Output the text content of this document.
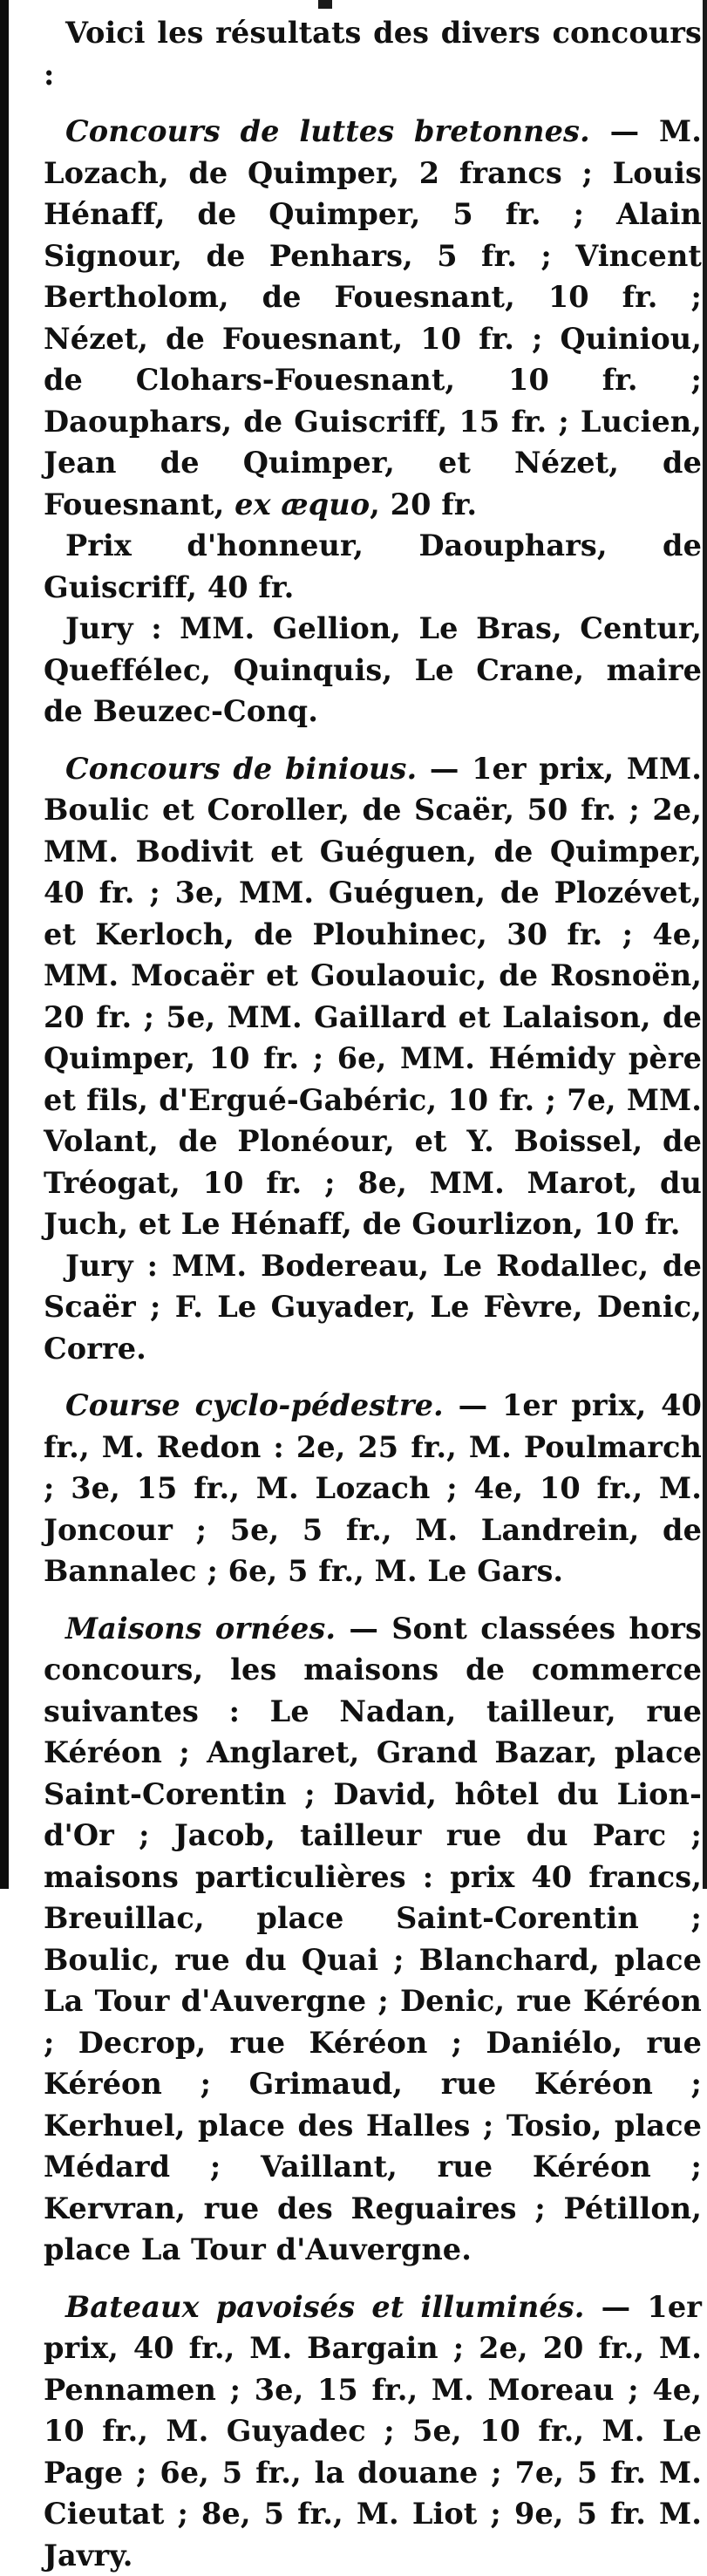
Voici les résultats des divers concours :

Concours de luttes bretonnes. — M. Lozach, de Quimper, 2 francs ; Louis Hénaff, de Quimper, 5 fr. ; Alain Signour, de Penhars, 5 fr. ; Vincent Bertholom, de Fouesnant, 10 fr. ; Nézet, de Fouesnant, 10 fr. ; Quiniou, de Clohars-Fouesnant, 10 fr. ; Daouphars, de Guiscriff, 15 fr. ; Lucien, Jean de Quimper, et Nézet, de Fouesnant, ex æquo, 20 fr.

Prix d'honneur, Daouphars, de Guiscriff, 40 fr.

Jury : MM. Gellion, Le Bras, Centur, Queffélec, Quinquis, Le Crane, maire de Beuzec-Conq.

Concours de binious. — 1er prix, MM. Boulic et Coroller, de Scaër, 50 fr. ; 2e, MM. Bodivit et Guéguen, de Quimper, 40 fr. ; 3e, MM. Guéguen, de Plozévet, et Kerloch, de Plouhinec, 30 fr. ; 4e, MM. Mocaër et Goulaouic, de Rosnoën, 20 fr. ; 5e, MM. Gaillard et Lalaison, de Quimper, 10 fr. ; 6e, MM. Hémidy père et fils, d'Ergué-Gabéric, 10 fr. ; 7e, MM. Volant, de Plonéour, et Y. Boissel, de Tréogat, 10 fr. ; 8e, MM. Marot, du Juch, et Le Hénaff, de Gourlizon, 10 fr.

Jury : MM. Bodereau, Le Rodallec, de Scaër ; F. Le Guyader, Le Fèvre, Denic, Corre.

Course cyclo-pédestre. — 1er prix, 40 fr., M. Redon : 2e, 25 fr., M. Poulmarch ; 3e, 15 fr., M. Lozach ; 4e, 10 fr., M. Joncour ; 5e, 5 fr., M. Landrein, de Bannalec ; 6e, 5 fr., M. Le Gars.

Maisons ornées. — Sont classées hors concours, les maisons de commerce suivantes : Le Nadan, tailleur, rue Kéréon ; Anglaret, Grand Bazar, place Saint-Corentin ; David, hôtel du Lion-d'Or ; Jacob, tailleur rue du Parc ; maisons particulières : prix 40 francs, Breuillac, place Saint-Corentin ; Boulic, rue du Quai ; Blanchard, place La Tour d'Auvergne ; Denic, rue Kéréon ; Decrop, rue Kéréon ; Daniélo, rue Kéréon ; Grimaud, rue Kéréon ; Kerhuel, place des Halles ; Tosio, place Médard ; Vaillant, rue Kéréon ; Kervran, rue des Reguaires ; Pétillon, place La Tour d'Auvergne.

Bateaux pavoisés et illuminés. — 1er prix, 40 fr., M. Bargain ; 2e, 20 fr., M. Pennamen ; 3e, 15 fr., M. Moreau ; 4e, 10 fr., M. Guyadec ; 5e, 10 fr., M. Le Page ; 6e, 5 fr., la douane ; 7e, 5 fr. M. Cieutat ; 8e, 5 fr., M. Liot ; 9e, 5 fr. M. Javry.
